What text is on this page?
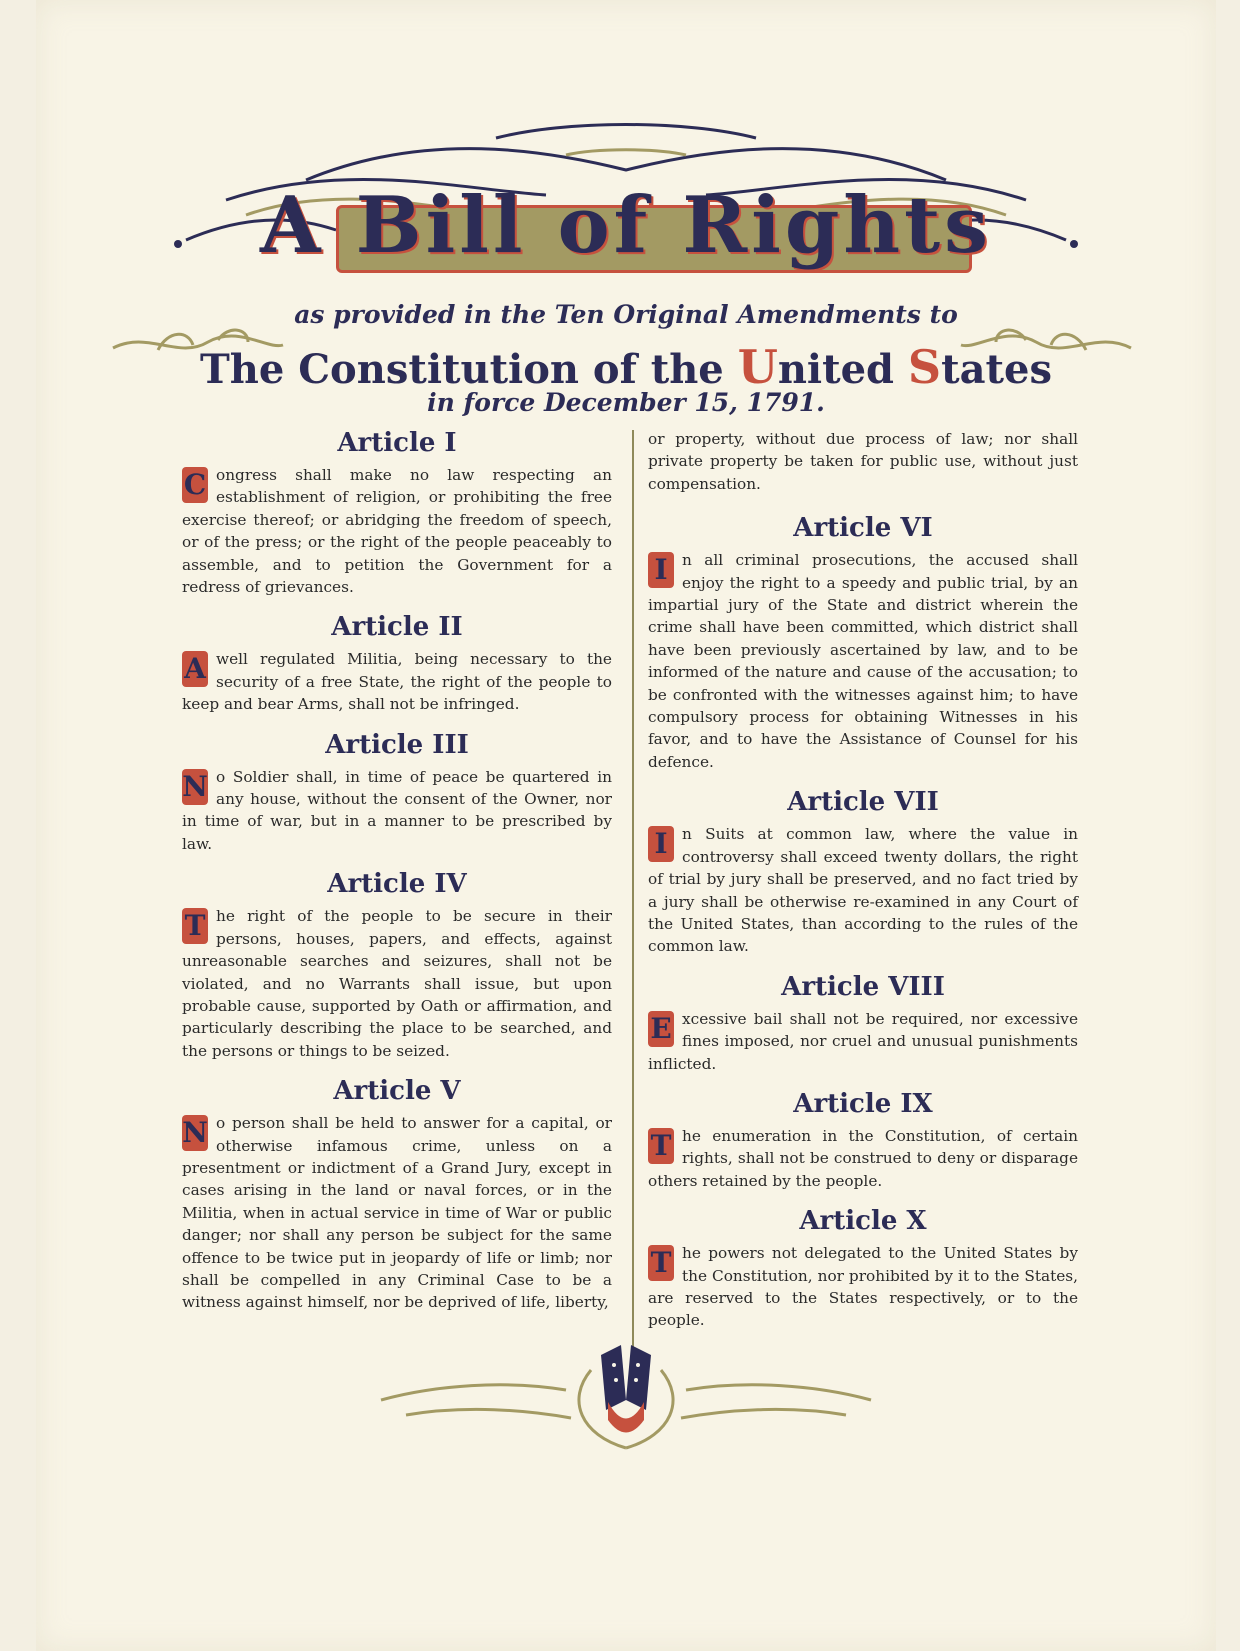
A Bill of Rights
as provided in the Ten Original Amendments to
The Constitution of the United States
in force December 15, 1791.
Article I

C ongress shall make no law respecting an establishment of religion, or prohibiting the free exercise thereof; or abridging the freedom of speech, or of the press; or the right of the people peaceably to assemble, and to petition the Government for a redress of grievances.

Article II

A well regulated Militia, being necessary to the security of a free State, the right of the people to keep and bear Arms, shall not be infringed.

Article III

N o Soldier shall, in time of peace be quartered in any house, without the consent of the Owner, nor in time of war, but in a manner to be prescribed by law.

Article IV

T he right of the people to be secure in their persons, houses, papers, and effects, against unreasonable searches and seizures, shall not be violated, and no Warrants shall issue, but upon probable cause, supported by Oath or affirmation, and particularly describing the place to be searched, and the persons or things to be seized.

Article V

N o person shall be held to answer for a capital, or otherwise infamous crime, unless on a presentment or indictment of a Grand Jury, except in cases arising in the land or naval forces, or in the Militia, when in actual service in time of War or public danger; nor shall any person be subject for the same offence to be twice put in jeopardy of life or limb; nor shall be compelled in any Criminal Case to be a witness against himself, nor be deprived of life, liberty,

or property, without due process of law; nor shall private property be taken for public use, without just compensation.

Article VI

I n all criminal prosecutions, the accused shall enjoy the right to a speedy and public trial, by an impartial jury of the State and district wherein the crime shall have been committed, which district shall have been previously ascertained by law, and to be informed of the nature and cause of the accusation; to be confronted with the witnesses against him; to have compulsory process for obtaining Witnesses in his favor, and to have the Assistance of Counsel for his defence.

Article VII

I n Suits at common law, where the value in controversy shall exceed twenty dollars, the right of trial by jury shall be preserved, and no fact tried by a jury shall be otherwise re-examined in any Court of the United States, than according to the rules of the common law.

Article VIII

E xcessive bail shall not be required, nor excessive fines imposed, nor cruel and unusual punishments inflicted.

Article IX

T he enumeration in the Constitution, of certain rights, shall not be construed to deny or disparage others retained by the people.

Article X

T he powers not delegated to the United States by the Constitution, nor prohibited by it to the States, are reserved to the States respectively, or to the people.
